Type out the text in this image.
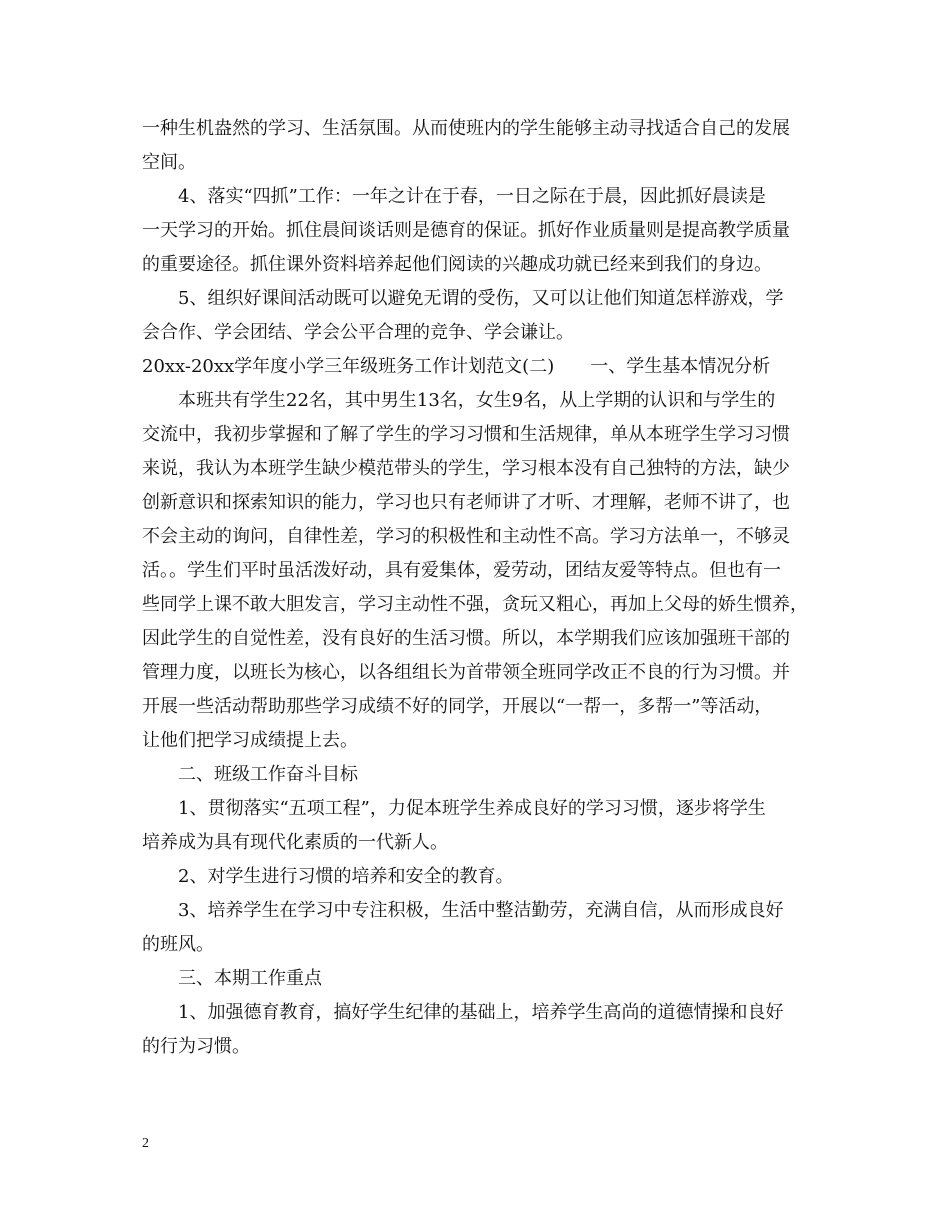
一种生机盎然的学习、生活氛围。从而使班内的学生能够主动寻找适合自己的发展
空间。
4、落实“四抓”工作：一年之计在于春，一日之际在于晨，因此抓好晨读是
一天学习的开始。抓住晨间谈话则是德育的保证。抓好作业质量则是提高教学质量
的重要途径。抓住课外资料培养起他们阅读的兴趣成功就已经来到我们的身边。
5、组织好课间活动既可以避免无谓的受伤，又可以让他们知道怎样游戏，学
会合作、学会团结、学会公平合理的竞争、学会谦让。
20xx-20xx学年度小学三年级班务工作计划范文(二)　　一、学生基本情况分析
本班共有学生22名，其中男生13名，女生9名，从上学期的认识和与学生的
交流中，我初步掌握和了解了学生的学习习惯和生活规律，单从本班学生学习习惯
来说，我认为本班学生缺少模范带头的学生，学习根本没有自己独特的方法，缺少
创新意识和探索知识的能力，学习也只有老师讲了才听、才理解，老师不讲了，也
不会主动的询问，自律性差，学习的积极性和主动性不高。学习方法单一，不够灵
活。。学生们平时虽活泼好动，具有爱集体，爱劳动，团结友爱等特点。但也有一
些同学上课不敢大胆发言，学习主动性不强，贪玩又粗心，再加上父母的娇生惯养，
因此学生的自觉性差，没有良好的生活习惯。所以，本学期我们应该加强班干部的
管理力度，以班长为核心，以各组组长为首带领全班同学改正不良的行为习惯。并
开展一些活动帮助那些学习成绩不好的同学，开展以“一帮一，多帮一”等活动，
让他们把学习成绩提上去。
二、班级工作奋斗目标
1、贯彻落实“五项工程”，力促本班学生养成良好的学习习惯，逐步将学生
培养成为具有现代化素质的一代新人。
2、对学生进行习惯的培养和安全的教育。
3、培养学生在学习中专注积极，生活中整洁勤劳，充满自信，从而形成良好
的班风。
三、本期工作重点
1、加强德育教育，搞好学生纪律的基础上，培养学生高尚的道德情操和良好
的行为习惯。
2
